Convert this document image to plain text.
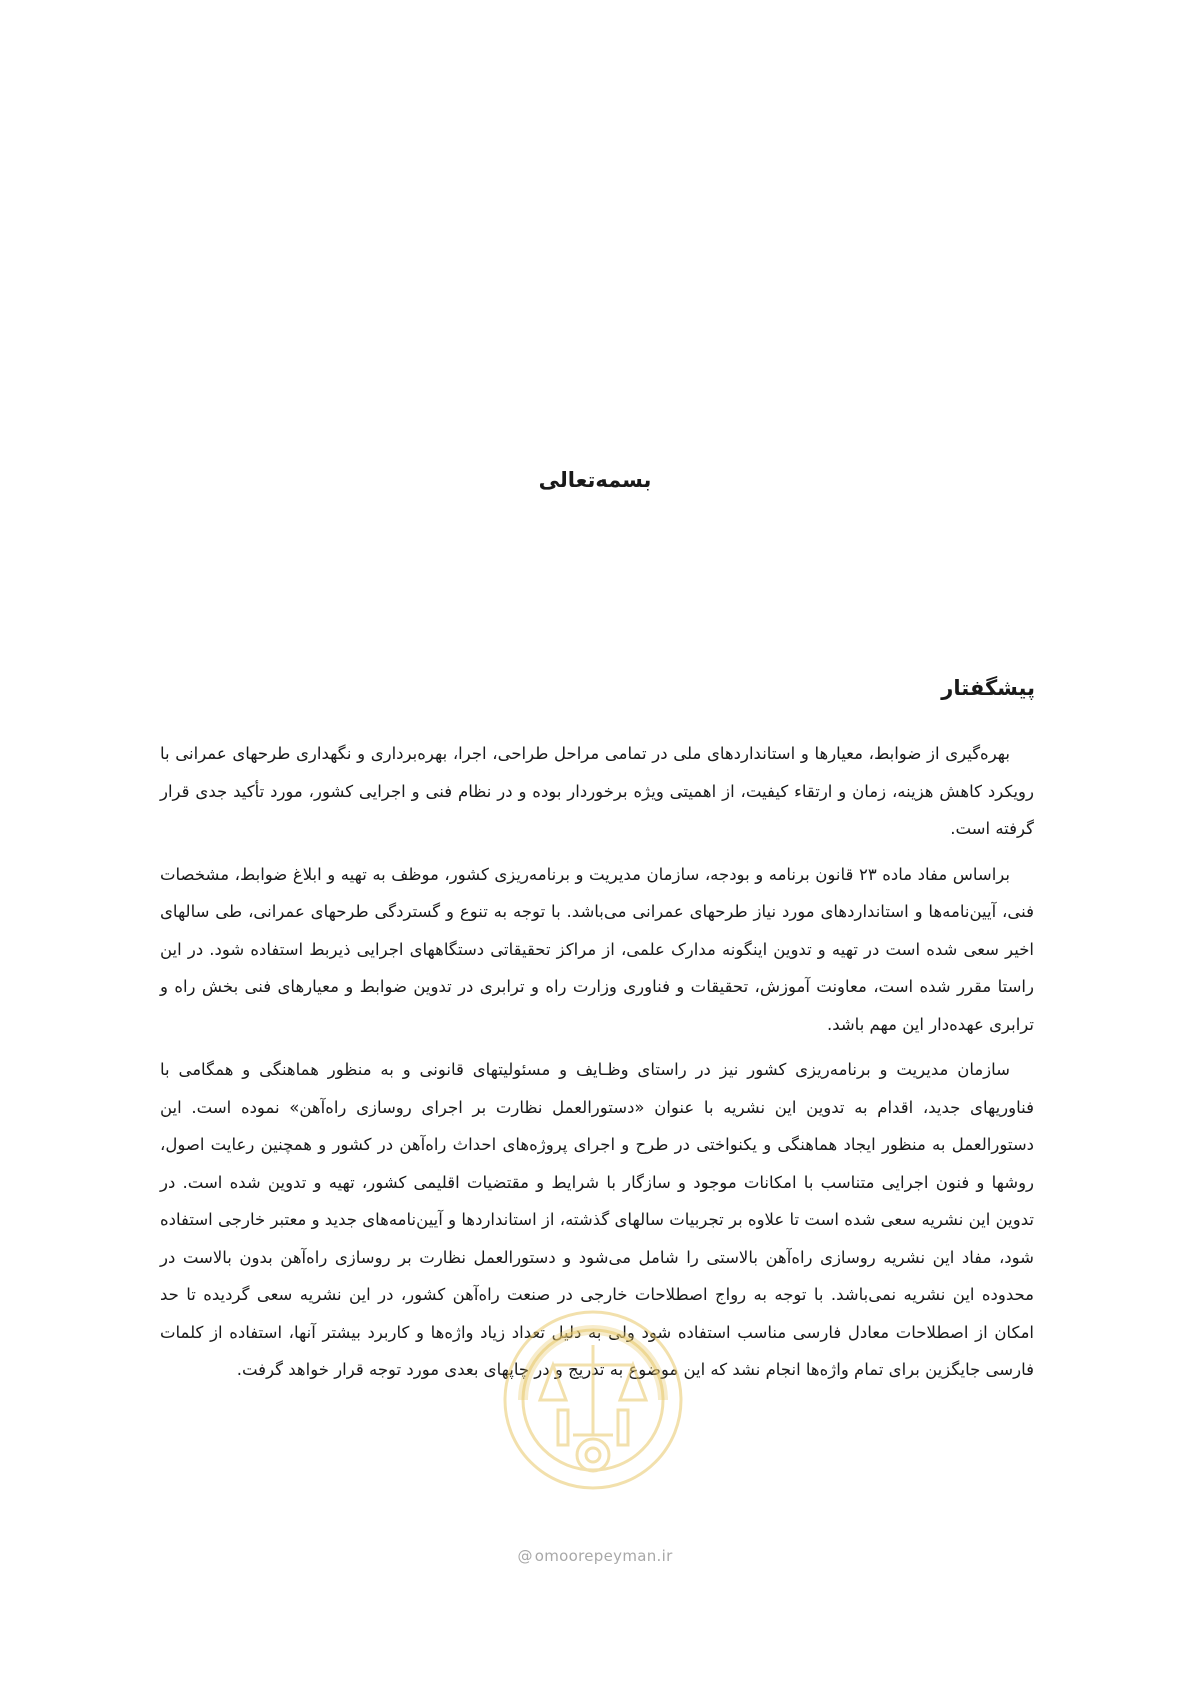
بسمه‌تعالی
پیشگفتار

بهره‌گیری از ضوابط، معیارها و استانداردهای ملی در تمامی مراحل طراحی، اجرا، بهره‌برداری و نگهداری طرحهای عمرانی با رویکرد کاهش هزینه، زمان و ارتقاء کیفیت، از اهمیتی ویژه برخوردار بوده و در نظام فنی و اجرایی کشور، مورد تأکید جدی قرار گرفته است.

براساس مفاد ماده ۲۳ قانون برنامه و بودجه، سازمان مدیریت و برنامه‌ریزی کشور، موظف به تهیه و ابلاغ ضوابط، مشخصات فنی، آیین‌نامه‌ها و استانداردهای مورد نیاز طرحهای عمرانی می‌باشد. با توجه به تنوع و گستردگی طرحهای عمرانی، طی سالهای اخیر سعی شده است در تهیه و تدوین اینگونه مدارک علمی، از مراکز تحقیقاتی دستگاههای اجرایی ذیربط استفاده شود. در این راستا مقرر شده است، معاونت آموزش، تحقیقات و فناوری وزارت راه و ترابری در تدوین ضوابط و معیارهای فنی بخش راه و ترابری عهده‌دار این مهم باشد.

سازمان مدیریت و برنامه‌ریزی کشور نیز در راستای وظـایف و مسئولیتهای قانونی و به منظور هماهنگی و همگامی با فناوریهای جدید، اقدام به تدوین این نشریه با عنوان «دستورالعمل نظارت بر اجرای روسازی راه‌آهن» نموده است. این دستورالعمل به منظور ایجاد هماهنگی و یکنواختی در طرح و اجرای پروژه‌های احداث راه‌آهن در کشور و همچنین رعایت اصول، روشها و فنون اجرایی متناسب با امکانات موجود و سازگار با شرایط و مقتضیات اقلیمی کشور، تهیه و تدوین شده است. در تدوین این نشریه سعی شده است تا علاوه بر تجربیات سالهای گذشته، از استانداردها و آیین‌نامه‌های جدید و معتبر خارجی استفاده شود، مفاد این نشریه روسازی راه‌آهن بالاستی را شامل می‌شود و دستورالعمل نظارت بر روسازی راه‌آهن بدون بالاست در محدوده این نشریه نمی‌باشد. با توجه به رواج اصطلاحات خارجی در صنعت راه‌آهن کشور، در این نشریه سعی گردیده تا حد امکان از اصطلاحات معادل فارسی مناسب استفاده شود ولی به دلیل تعداد زیاد واژه‌ها و کاربرد بیشتر آنها، استفاده از کلمات فارسی جایگزین برای تمام واژه‌ها انجام نشد که این موضوع به تدریج و در چاپهای بعدی مورد توجه قرار خواهد گرفت.

@ omoorepeyman.ir
